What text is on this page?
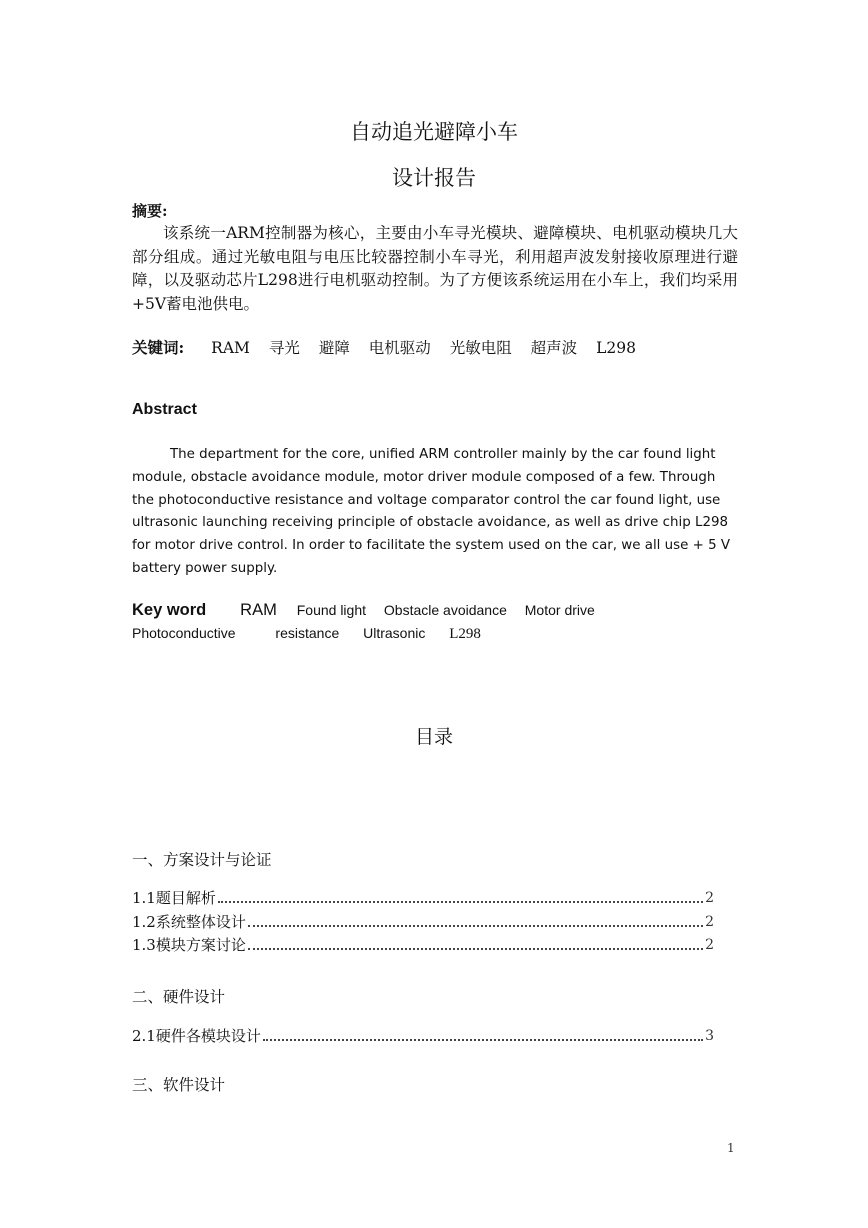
自动追光避障小车

设计报告

摘要:

该系统一ARM控制器为核心，主要由小车寻光模块、避障模块、电机驱动模块几大部分组成。通过光敏电阻与电压比较器控制小车寻光，利用超声波发射接收原理进行避障，以及驱动芯片L298进行电机驱动控制。为了方便该系统运用在小车上，我们均采用+5V蓄电池供电。

关键词: RAM 寻光 避障 电机驱动 光敏电阻 超声波 L298

Abstract

The department for the core, unified ARM controller mainly by the car found light module, obstacle avoidance module, motor driver module composed of a few. Through the photoconductive resistance and voltage comparator control the car found light, use ultrasonic launching receiving principle of obstacle avoidance, as well as drive chip L298 for motor drive control. In order to facilitate the system used on the car, we all use + 5 V battery power supply.

Key word RAM Found light Obstacle avoidance Motor drive

Photoconductive	resistance Ultrasonic L298

目录

一、方案设计与论证

1.1题目解析	2
1.2系统整体设计	2
1.3模块方案讨论	2

二、硬件设计

2.1硬件各模块设计	3

三、软件设计

1
